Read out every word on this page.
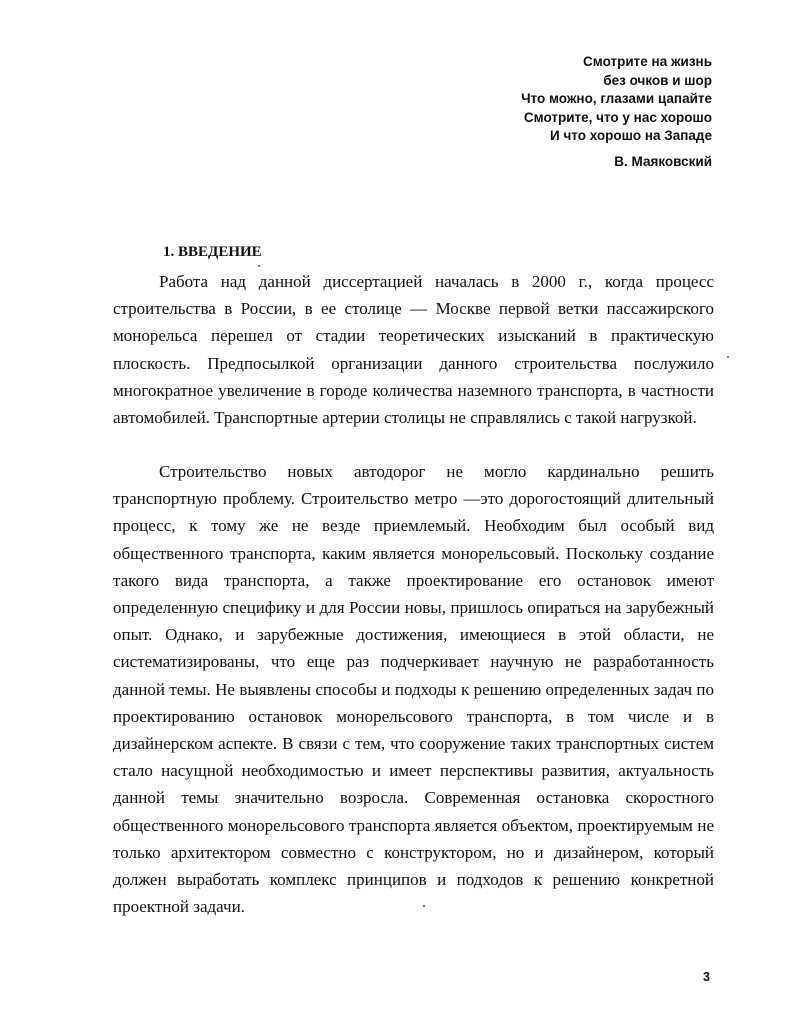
Смотрите на жизнь
без очков и шор
Что можно, глазами цапайте
Смотрите, что у нас хорошо
И что хорошо на Западе
В. Маяковский
1. ВВЕДЕНИЕ

Работа над данной диссертацией началась в 2000 г., когда процесс строительства в России, в ее столице — Москве первой ветки пассажирского монорельса перешел от стадии теоретических изысканий в практическую плоскость. Предпосылкой организации данного строительства послужило многократное увеличение в городе количества наземного транспорта, в частности автомобилей. Транспортные артерии столицы не справлялись с такой нагрузкой.

Строительство новых автодорог не могло кардинально решить транспортную проблему. Строительство метро —это дорогостоящий длительный процесс, к тому же не везде приемлемый. Необходим был особый вид общественного транспорта, каким является монорельсовый. Поскольку создание такого вида транспорта, а также проектирование его остановок имеют определенную специфику и для России новы, пришлось опираться на зарубежный опыт. Однако, и зарубежные достижения, имеющиеся в этой области, не систематизированы, что еще раз подчеркивает научную не разработанность данной темы. Не выявлены способы и подходы к решению определенных задач по проектированию остановок монорельсового транспорта, в том числе и в дизайнерском аспекте. В связи с тем, что сооружение таких транспортных систем стало насущной необходимостью и имеет перспективы развития, актуальность данной темы значительно возросла. Современная остановка скоростного общественного монорельсового транспорта является объектом, проектируемым не только архитектором совместно с конструктором, но и дизайнером, который должен выработать комплекс принципов и подходов к решению конкретной проектной задачи.

3
